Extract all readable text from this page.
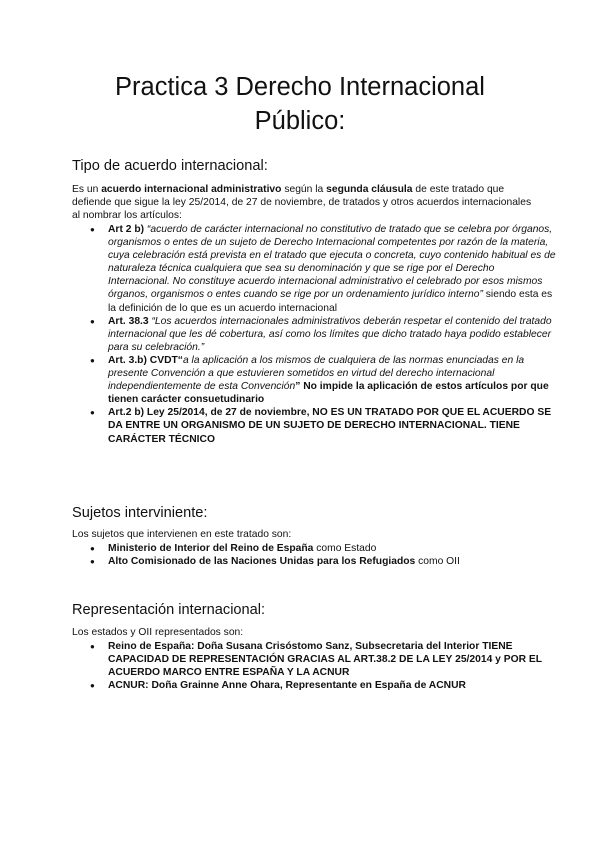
Practica 3 Derecho Internacional
Público:
Tipo de acuerdo internacional:

Es un acuerdo internacional administrativo según la segunda cláusula de este tratado que defiende que sigue la ley 25/2014, de 27 de noviembre, de tratados y otros acuerdos internacionales al nombrar los artículos:

● Art 2 b) “acuerdo de carácter internacional no constitutivo de tratado que se celebra por órganos, organismos o entes de un sujeto de Derecho Internacional competentes por razón de la materia, cuya celebración está prevista en el tratado que ejecuta o concreta, cuyo contenido habitual es de naturaleza técnica cualquiera que sea su denominación y que se rige por el Derecho Internacional. No constituye acuerdo internacional administrativo el celebrado por esos mismos órganos, organismos o entes cuando se rige por un ordenamiento jurídico interno” siendo esta es la definición de lo que es un acuerdo internacional
● Art. 38.3 “Los acuerdos internacionales administrativos deberán respetar el contenido del tratado internacional que les dé cobertura, así como los límites que dicho tratado haya podido establecer para su celebración.”
● Art. 3.b) CVDT“a la aplicación a los mismos de cualquiera de las normas enunciadas en la presente Convención a que estuvieren sometidos en virtud del derecho internacional independientemente de esta Convención” No impide la aplicación de estos artículos por que tienen carácter consuetudinario
● Art.2 b) Ley 25/2014, de 27 de noviembre, NO ES UN TRATADO POR QUE EL ACUERDO SE DA ENTRE UN ORGANISMO DE UN SUJETO DE DERECHO INTERNACIONAL. TIENE CARÁCTER TÉCNICO
Sujetos interviniente:

Los sujetos que intervienen en este tratado son:

● Ministerio de Interior del Reino de España como Estado
● Alto Comisionado de las Naciones Unidas para los Refugiados como OII
Representación internacional:

Los estados y OII representados son:

● Reino de España: Doña Susana Crisóstomo Sanz, Subsecretaria del Interior TIENE CAPACIDAD DE REPRESENTACIÓN GRACIAS AL ART.38.2 DE LA LEY 25/2014 y POR EL ACUERDO MARCO ENTRE ESPAÑA Y LA ACNUR
● ACNUR: Doña Grainne Anne Ohara, Representante en España de ACNUR
